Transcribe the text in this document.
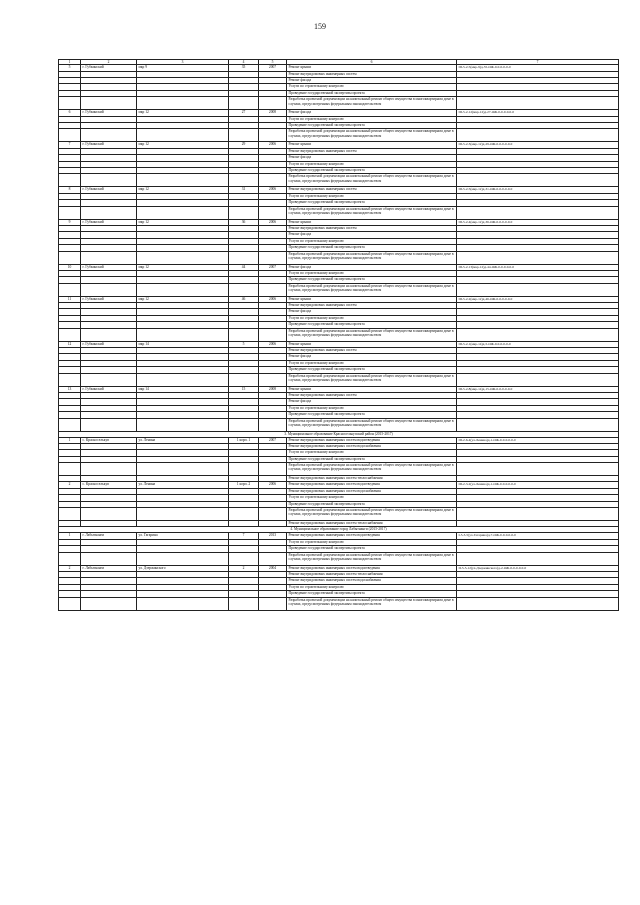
159
1	2	3	4	5	6	7
5	г. Губкинский	мкр 9	35	2007	Ремонт крыши	III-5-2-5(мкр-9)д-35-ОЖ-0-0-0-0-0-0
					Ремонт внутридомовых инженерных систем	
					Ремонт фасада	
					Услуги по строительному контролю	
					Проведение государственной экспертизы проекта	
					Разработка проектной документации на капитальный ремонт общего имущества в многоквартирном доме в случаях, предусмотренных федеральным законодательством	
6	г. Губкинский	мкр 12	27	2008	Ремонт фасада	III-5-2-12(мкр-12)д-27-ОЖ-0-0-0-0-0-0
					Услуги по строительному контролю	
					Проведение государственной экспертизы проекта	
					Разработка проектной документации на капитальный ремонт общего имущества в многоквартирном доме в случаях, предусмотренных федеральным законодательством	
7	г. Губкинский	мкр 12	29	2006	Ремонт крыши	III-5-2-3(мкр-12)д-29-ОЖ-0-0-0-0-0-0
					Ремонт внутридомовых инженерных систем	
					Ремонт фасада	
					Услуги по строительному контролю	
					Проведение государственной экспертизы проекта	
					Разработка проектной документации на капитальный ремонт общего имущества в многоквартирном доме в случаях, предусмотренных федеральным законодательством	
8	г. Губкинский	мкр 12	31	2006	Ремонт внутридомовых инженерных систем	III-5-2-5(мкр-12)д-31-ОЖ-0-0-0-0-0-0
					Услуги по строительному контролю	
					Проведение государственной экспертизы проекта	
					Разработка проектной документации на капитальный ремонт общего имущества в многоквартирном доме в случаях, предусмотренных федеральным законодательством	
9	г. Губкинский	мкр 12	36	2006	Ремонт крыши	III-5-2-4(мкр-12)д-36-ОЖ-0-0-0-0-0-0
					Ремонт внутридомовых инженерных систем	
					Ремонт фасада	
					Услуги по строительному контролю	
					Проведение государственной экспертизы проекта	
					Разработка проектной документации на капитальный ремонт общего имущества в многоквартирном доме в случаях, предусмотренных федеральным законодательством	
10	г. Губкинский	мкр 12	44	2007	Ремонт фасада	III-5-2-13(мкр-12)д-44-ОЖ-0-0-0-0-0-0
					Услуги по строительному контролю	
					Проведение государственной экспертизы проекта	
					Разработка проектной документации на капитальный ремонт общего имущества в многоквартирном доме в случаях, предусмотренных федеральным законодательством	
11	г. Губкинский	мкр 12	46	2006	Ремонт крыши	III-5-2-2(мкр-12)д-46-ОЖ-0-0-0-0-0-0
					Ремонт внутридомовых инженерных систем	
					Ремонт фасада	
					Услуги по строительному контролю	
					Проведение государственной экспертизы проекта	
					Разработка проектной документации на капитальный ремонт общего имущества в многоквартирном доме в случаях, предусмотренных федеральным законодательством	
12	г. Губкинский	мкр 14	5	2006	Ремонт крыши	III-5-2-1(мкр-14)д-5-ОЖ-0-0-0-0-0-0
					Ремонт внутридомовых инженерных систем	
					Ремонт фасада	
					Услуги по строительному контролю	
					Проведение государственной экспертизы проекта	
					Разработка проектной документации на капитальный ремонт общего имущества в многоквартирном доме в случаях, предусмотренных федеральным законодательством	
13	г. Губкинский	мкр 14	15	2008	Ремонт крыши	III-5-2-8(мкр-14)д-15-ОЖ-0-0-0-0-0-0
					Ремонт внутридомовых инженерных систем	
					Ремонт фасада	
					Услуги по строительному контролю	
					Проведение государственной экспертизы проекта	
					Разработка проектной документации на капитальный ремонт общего имущества в многоквартирном доме в случаях, предусмотренных федеральным законодательством	
3. Муниципальное образование Красноселькупский район (2015-2017)						
1	с. Красноселькуп	ул. Ленина	1 корп. 1	2007	Ремонт внутридомовых инженерных систем водоотведения	III-2-6-4(ул-Ленина)д-1-ОЖ-0-0-0-0-0-0
					Ремонт внутридомовых инженерных систем водоснабжения	
					Услуги по строительному контролю	
					Проведение государственной экспертизы проекта	
					Разработка проектной документации на капитальный ремонт общего имущества в многоквартирном доме в случаях, предусмотренных федеральным законодательством	
					Ремонт внутридомовых инженерных систем теплоснабжения	
2	с. Красноселькуп	ул. Ленина	1 корп. 2	2006	Ремонт внутридомовых инженерных систем водоотведения	III-2-3-2(ул-Ленина)д-1-ОЖ-0-0-0-0-0-0
					Ремонт внутридомовых инженерных систем водоснабжения	
					Услуги по строительному контролю	
					Проведение государственной экспертизы проекта	
					Разработка проектной документации на капитальный ремонт общего имущества в многоквартирном доме в случаях, предусмотренных федеральным законодательством	
					Ремонт внутридомовых инженерных систем теплоснабжения	
4. Муниципальное образование город Лабытнанги (2015-2017)						
1	г. Лабытнанги	ул. Гагарина	7	2013	Ремонт внутридомовых инженерных систем водоотведения	I-5-3-5(ул-Гагарина)д-7-ОЖ-0-0-0-0-0-0
					Услуги по строительному контролю	
					Проведение государственной экспертизы проекта	
					Разработка проектной документации на капитальный ремонт общего имущества в многоквартирном доме в случаях, предусмотренных федеральным законодательством	
2	г. Лабытнанги	ул. Дзержинского	2	2004	Ремонт внутридомовых инженерных систем водоотведения	II-5-5-12(ул-Дзержинского)д-2-ОЖ-0-0-0-0-0-0
					Ремонт внутридомовых инженерных систем теплоснабжения	
					Ремонт внутридомовых инженерных систем водоснабжения	
					Услуги по строительному контролю	
					Проведение государственной экспертизы проекта	
					Разработка проектной документации на капитальный ремонт общего имущества в многоквартирном доме в случаях, предусмотренных федеральным законодательством	
